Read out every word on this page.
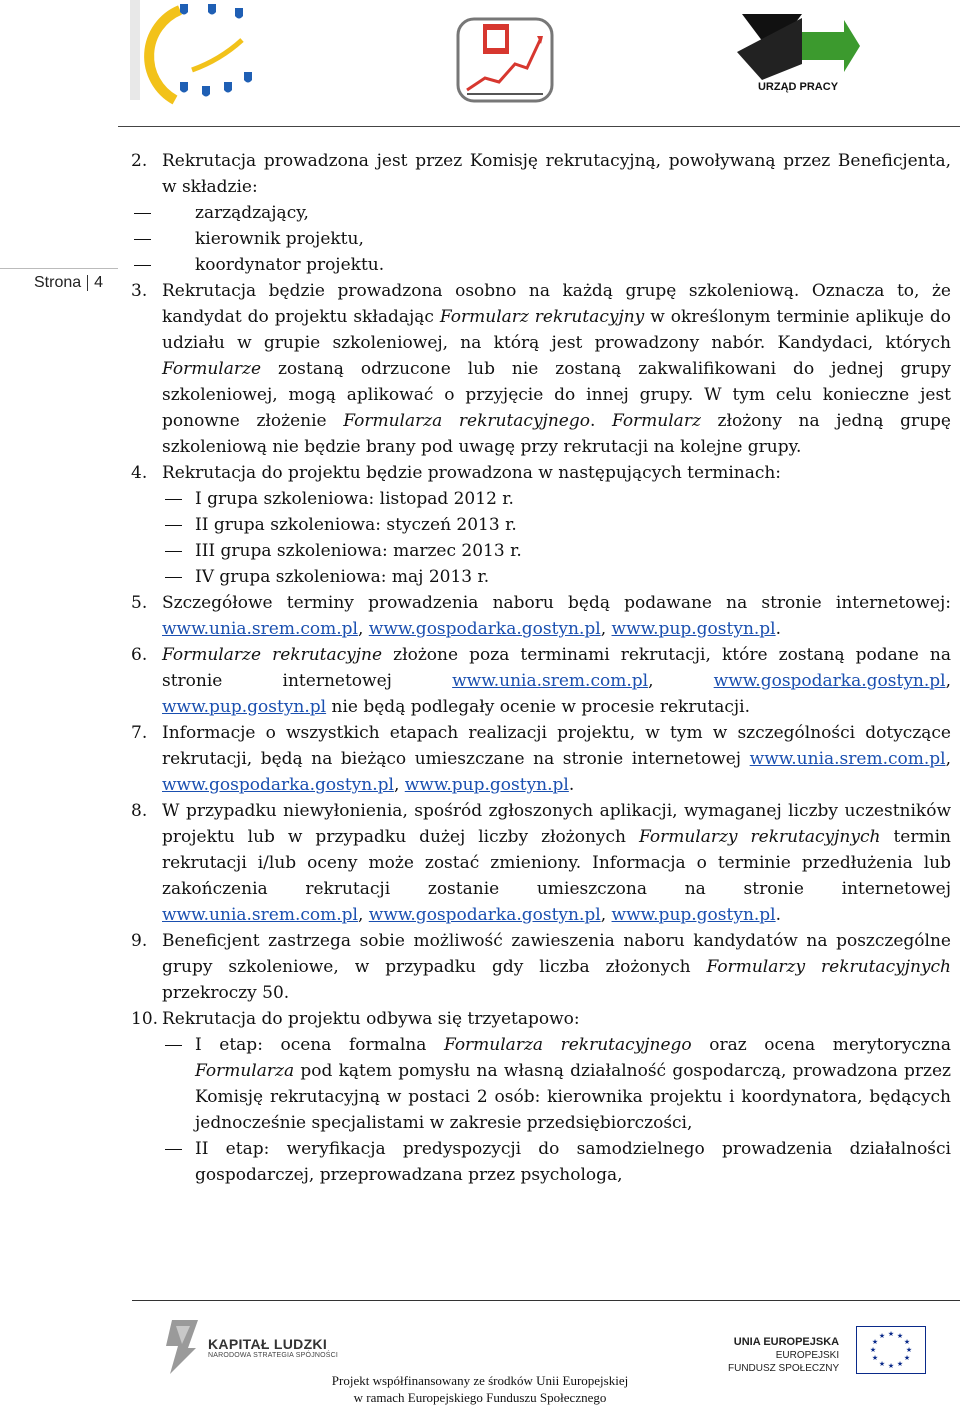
URZĄD PRACY
Strona 4
2. Rekrutacja prowadzona jest przez Komisję rekrutacyjną, powoływaną przez Beneficjenta, w składzie:
zarządzający,
kierownik projektu,
koordynator projektu.
3. Rekrutacja będzie prowadzona osobno na każdą grupę szkoleniową. Oznacza to, że kandydat do projektu składając Formularz rekrutacyjny w określonym terminie aplikuje do udziału w grupie szkoleniowej, na którą jest prowadzony nabór. Kandydaci, których Formularze zostaną odrzucone lub nie zostaną zakwalifikowani do jednej grupy szkoleniowej, mogą aplikować o przyjęcie do innej grupy. W tym celu konieczne jest ponowne złożenie Formularza rekrutacyjnego. Formularz złożony na jedną grupę szkoleniową nie będzie brany pod uwagę przy rekrutacji na kolejne grupy.
4. Rekrutacja do projektu będzie prowadzona w następujących terminach:
I grupa szkoleniowa: listopad 2012 r.
II grupa szkoleniowa: styczeń 2013 r.
III grupa szkoleniowa: marzec 2013 r.
IV grupa szkoleniowa: maj 2013 r.
5. Szczegółowe terminy prowadzenia naboru będą podawane na stronie internetowej: www.unia.srem.com.pl, www.gospodarka.gostyn.pl, www.pup.gostyn.pl.
6. Formularze rekrutacyjne złożone poza terminami rekrutacji, które zostaną podane na stronie internetowej www.unia.srem.com.pl, www.gospodarka.gostyn.pl, www.pup.gostyn.pl nie będą podlegały ocenie w procesie rekrutacji.
7. Informacje o wszystkich etapach realizacji projektu, w tym w szczególności dotyczące rekrutacji, będą na bieżąco umieszczane na stronie internetowej www.unia.srem.com.pl, www.gospodarka.gostyn.pl, www.pup.gostyn.pl.
8. W przypadku niewyłonienia, spośród zgłoszonych aplikacji, wymaganej liczby uczestników projektu lub w przypadku dużej liczby złożonych Formularzy rekrutacyjnych termin rekrutacji i/lub oceny może zostać zmieniony. Informacja o terminie przedłużenia lub zakończenia rekrutacji zostanie umieszczona na stronie internetowej www.unia.srem.com.pl, www.gospodarka.gostyn.pl, www.pup.gostyn.pl.
9. Beneficjent zastrzega sobie możliwość zawieszenia naboru kandydatów na poszczególne grupy szkoleniowe, w przypadku gdy liczba złożonych Formularzy rekrutacyjnych przekroczy 50.
10. Rekrutacja do projektu odbywa się trzyetapowo:
I etap: ocena formalna Formularza rekrutacyjnego oraz ocena merytoryczna Formularza pod kątem pomysłu na własną działalność gospodarczą, prowadzona przez Komisję rekrutacyjną w postaci 2 osób: kierownika projektu i koordynatora, będących jednocześnie specjalistami w zakresie przedsiębiorczości,
II etap: weryfikacja predyspozycji do samodzielnego prowadzenia działalności gospodarczej, przeprowadzana przez psychologa,
KAPITAŁ LUDZKI
NARODOWA STRATEGIA SPÓJNOŚCI
UNIA EUROPEJSKA
EUROPEJSKI
FUNDUSZ SPOŁECZNY
★ ★
★
★
★
★
★
★
★
★
★
★
Projekt współfinansowany ze środków Unii Europejskiej
w ramach Europejskiego Funduszu Społecznego
